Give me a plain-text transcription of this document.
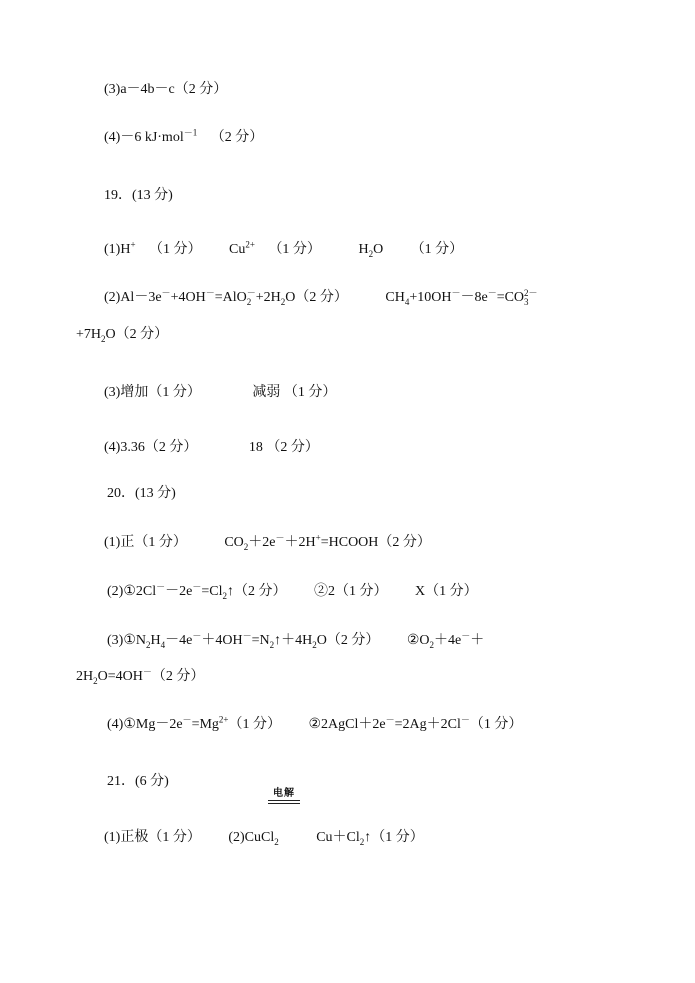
(3)a－4b－c（2 分）
(4)－6 kJ·mol$^{-1}$ （2 分）
19．(13 分)
(1)H+ （1 分） $Cu^{2+}$ （1 分）	$H_2O$ （1 分）
(2)Al－3e－+4OH－=AlO －
$2 +2H_2O(2$ 分）	$CH_4+10OH^--8e^-=CO$ 2－
3
$+7H_2O(2$ 分）
(3)增加（1 分）	减弱 （1 分）
(4)3.36（2 分）	18 （2 分）
20．(13 分)
(1)正（1 分）	$CO_2+2e^-+2H^+=HCOOH(2$ 分）
$(2)①2Cl^--2e^-=Cl_2↑(2$ 分） ②2（1 分） X（1 分）
$(3)①N_2H_4-4e^-+4OH^-=N_2↑+4H_2O(2$ 分） $②O_2+4e^-+$
$2H_2O=4OH^-(2$ 分）
$(4)①Mg-2e^-=Mg^{2+}(1$ 分） ②2AgCl＋2e－=2Ag＋2Cl－（1 分）
21．(6 分)
电解
(1)正极（1 分） (2)CuCl$_2$	$Cu+Cl_2↑(1$ 分）
